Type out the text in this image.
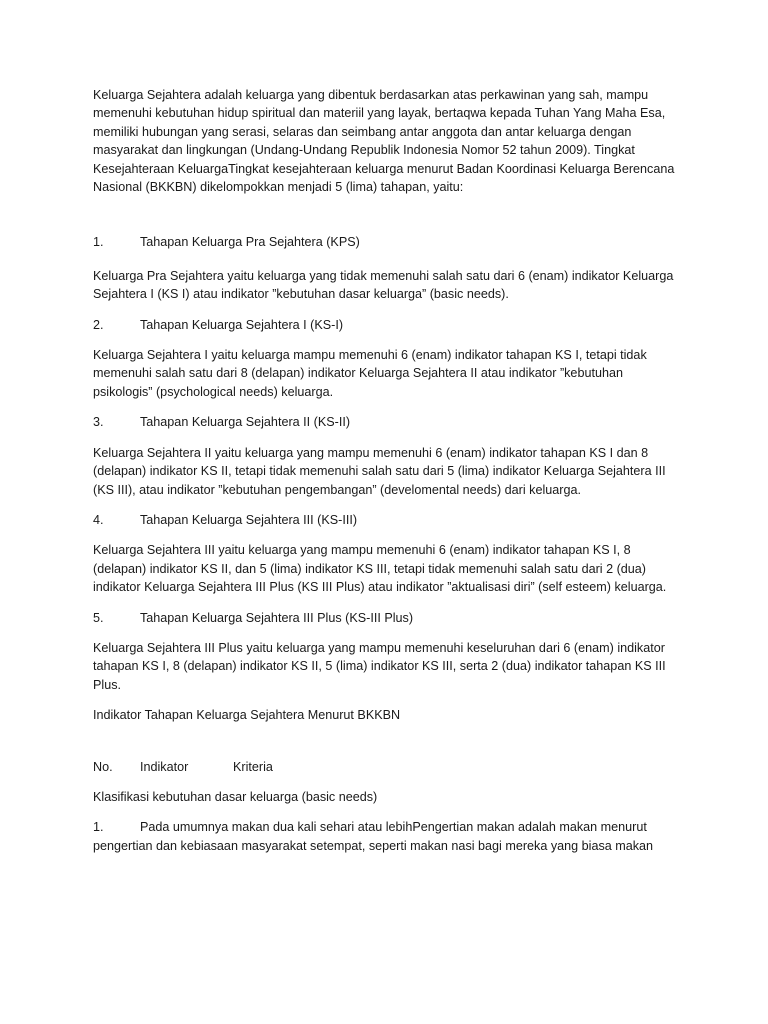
Keluarga Sejahtera adalah keluarga yang dibentuk berdasarkan atas perkawinan yang sah, mampu memenuhi kebutuhan hidup spiritual dan materiil yang layak, bertaqwa kepada Tuhan Yang Maha Esa, memiliki hubungan yang serasi, selaras dan seimbang antar anggota dan antar keluarga dengan masyarakat dan lingkungan (Undang-Undang Republik Indonesia Nomor 52 tahun 2009). Tingkat Kesejahteraan KeluargaTingkat kesejahteraan keluarga menurut Badan Koordinasi Keluarga Berencana Nasional (BKKBN) dikelompokkan menjadi 5 (lima) tahapan, yaitu:

1.	Tahapan Keluarga Pra Sejahtera (KPS)

Keluarga Pra Sejahtera yaitu keluarga yang tidak memenuhi salah satu dari 6 (enam) indikator Keluarga Sejahtera I (KS I) atau indikator ”kebutuhan dasar keluarga” (basic needs).

2.	Tahapan Keluarga Sejahtera I (KS-I)

Keluarga Sejahtera I yaitu keluarga mampu memenuhi 6 (enam) indikator tahapan KS I, tetapi tidak memenuhi salah satu dari 8 (delapan) indikator Keluarga Sejahtera II atau indikator ”kebutuhan psikologis” (psychological needs) keluarga.

3.	Tahapan Keluarga Sejahtera II (KS-II)

Keluarga Sejahtera II yaitu keluarga yang mampu memenuhi 6 (enam) indikator tahapan KS I dan 8 (delapan) indikator KS II, tetapi tidak memenuhi salah satu dari 5 (lima) indikator Keluarga Sejahtera III (KS III), atau indikator ”kebutuhan pengembangan” (develomental needs) dari keluarga.

4.	Tahapan Keluarga Sejahtera III (KS-III)

Keluarga Sejahtera III yaitu keluarga yang mampu memenuhi 6 (enam) indikator tahapan KS I, 8 (delapan) indikator KS II, dan 5 (lima) indikator KS III, tetapi tidak memenuhi salah satu dari 2 (dua) indikator Keluarga Sejahtera III Plus (KS III Plus) atau indikator ”aktualisasi diri” (self esteem) keluarga.

5.	Tahapan Keluarga Sejahtera III Plus (KS-III Plus)

Keluarga Sejahtera III Plus yaitu keluarga yang mampu memenuhi keseluruhan dari 6 (enam) indikator tahapan KS I, 8 (delapan) indikator KS II, 5 (lima) indikator KS III, serta 2 (dua) indikator tahapan KS III Plus.

Indikator Tahapan Keluarga Sejahtera Menurut BKKBN

No.	Indikator	Kriteria

Klasifikasi kebutuhan dasar keluarga (basic needs)

1.	Pada umumnya makan dua kali sehari atau lebihPengertian makan adalah makan menurut
pengertian dan kebiasaan masyarakat setempat, seperti makan nasi bagi mereka yang biasa makan
